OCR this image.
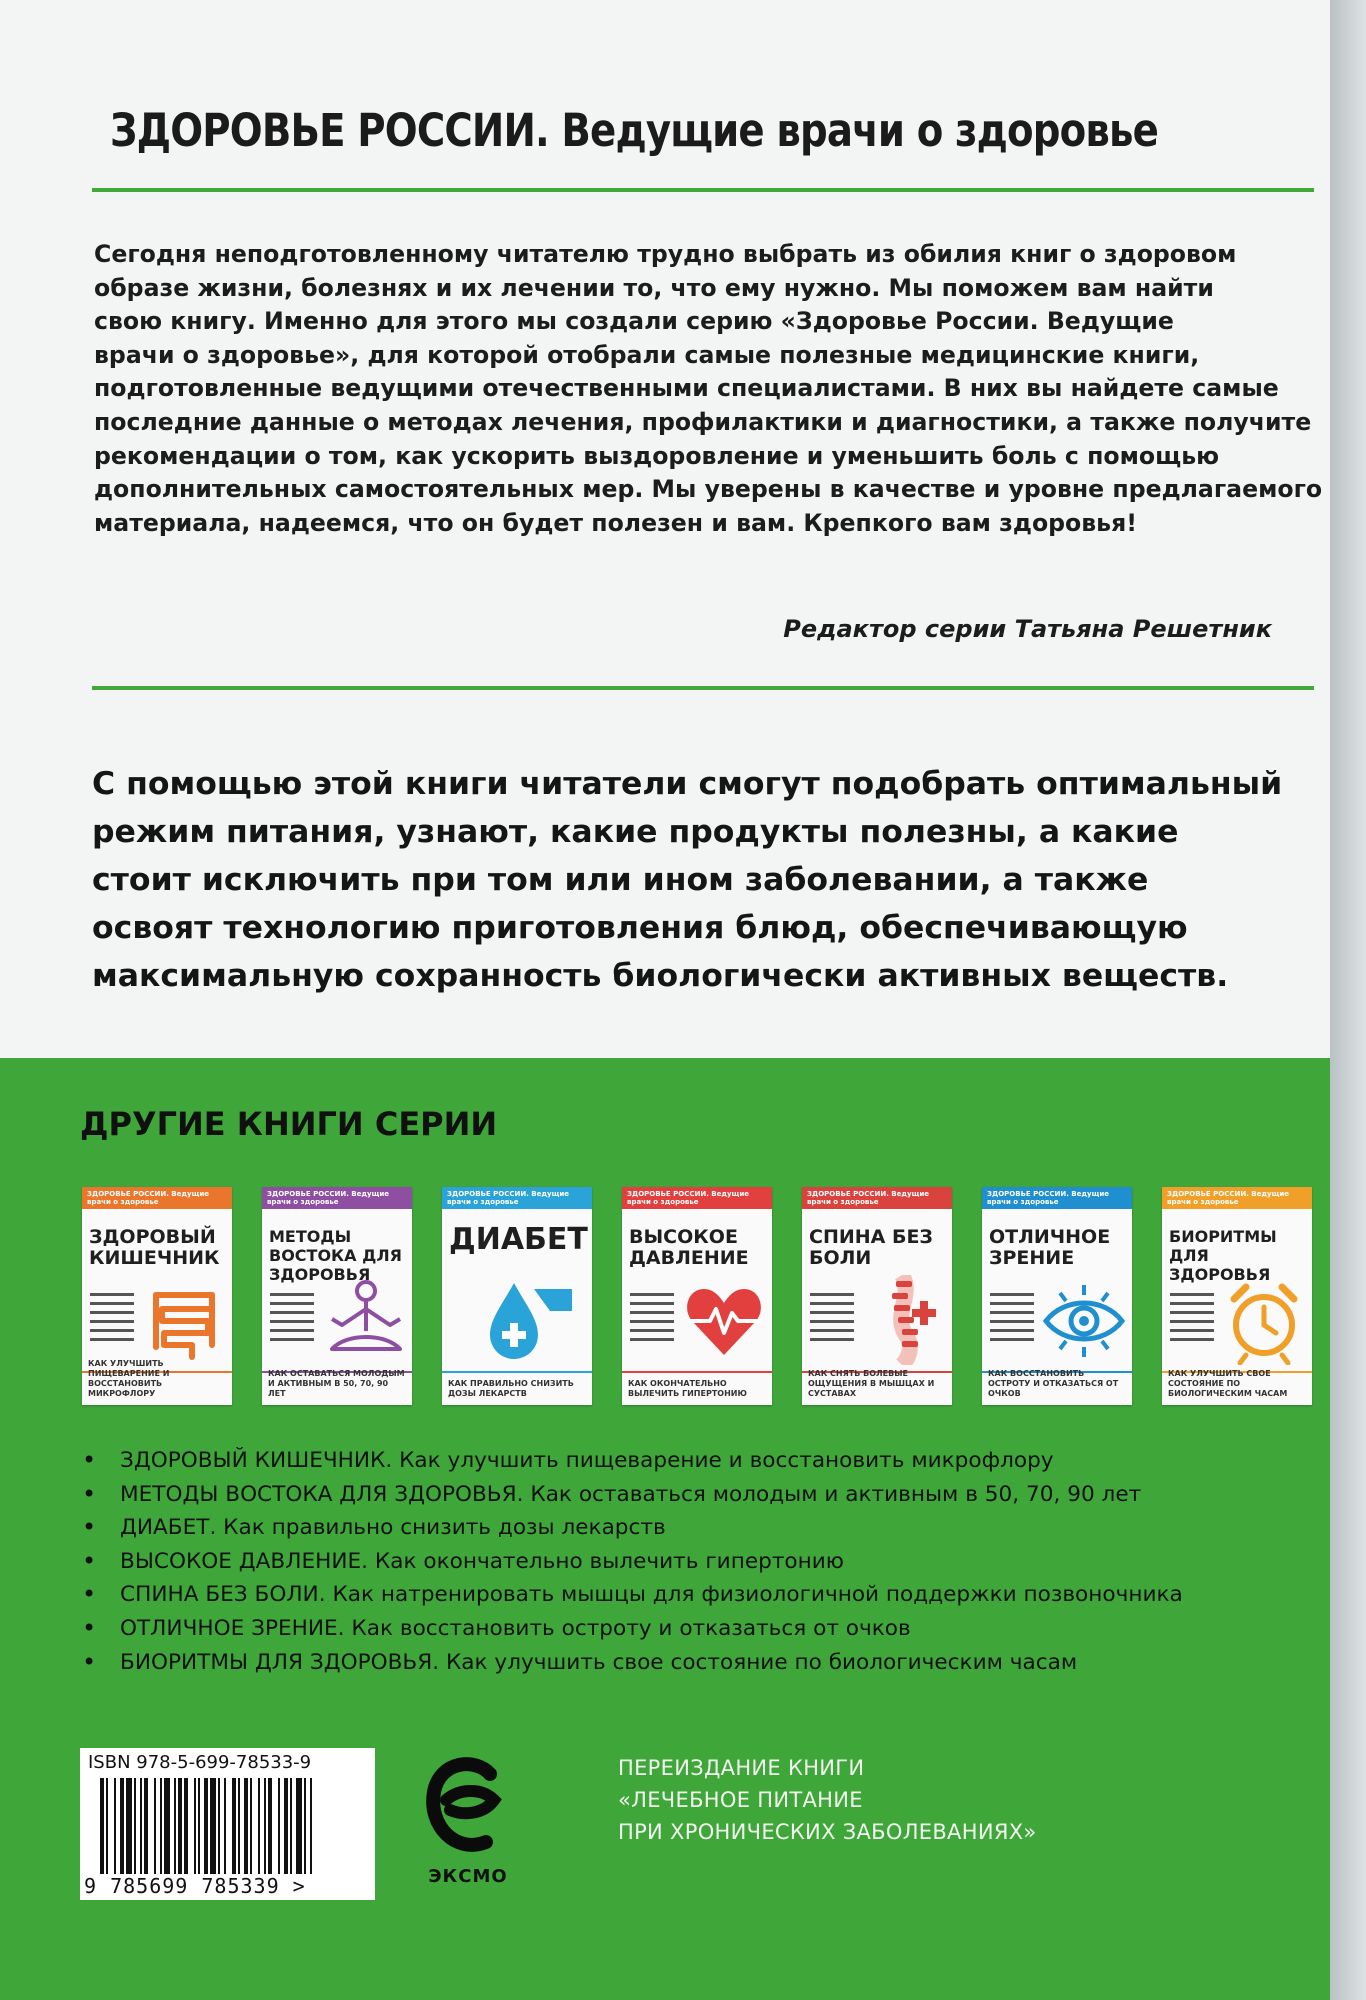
ЗДОРОВЬЕ РОССИИ. Ведущие врачи о здоровье

Сегодня неподготовленному читателю трудно выбрать из обилия книг о здоровом

образе жизни, болезнях и их лечении то, что ему нужно. Мы поможем вам найти

свою книгу. Именно для этого мы создали серию «Здоровье России. Ведущие

врачи о здоровье», для которой отобрали самые полезные медицинские книги,

подготовленные ведущими отечественными специалистами. В них вы найдете самые

последние данные о методах лечения, профилактики и диагностики, а также получите

рекомендации о том, как ускорить выздоровление и уменьшить боль с помощью

дополнительных самостоятельных мер. Мы уверены в качестве и уровне предлагаемого

материала, надеемся, что он будет полезен и вам. Крепкого вам здоровья!

Редактор серии Татьяна Решетник

С помощью этой книги читатели смогут подобрать оптимальный

режим питания, узнают, какие продукты полезны, а какие

стоит исключить при том или ином заболевании, а также

освоят технологию приготовления блюд, обеспечивающую

максимальную сохранность биологически активных веществ.

ДРУГИЕ КНИГИ СЕРИИ
ЗДОРОВЬЕ РОССИИ. Ведущие врачи о здоровье
ЗДОРОВЫЙ КИШЕЧНИК
КАК УЛУЧШИТЬ ПИЩЕВАРЕНИЕ И ВОССТАНОВИТЬ МИКРОФЛОРУ
ЗДОРОВЬЕ РОССИИ. Ведущие врачи о здоровье
МЕТОДЫ ВОСТОКА ДЛЯ ЗДОРОВЬЯ
КАК ОСТАВАТЬСЯ МОЛОДЫМ И АКТИВНЫМ В 50, 70, 90 ЛЕТ
ЗДОРОВЬЕ РОССИИ. Ведущие врачи о здоровье
ДИАБЕТ
КАК ПРАВИЛЬНО СНИЗИТЬ ДОЗЫ ЛЕКАРСТВ
ЗДОРОВЬЕ РОССИИ. Ведущие врачи о здоровье
ВЫСОКОЕ ДАВЛЕНИЕ
КАК ОКОНЧАТЕЛЬНО ВЫЛЕЧИТЬ ГИПЕРТОНИЮ
ЗДОРОВЬЕ РОССИИ. Ведущие врачи о здоровье
СПИНА БЕЗ БОЛИ
КАК СНЯТЬ БОЛЕВЫЕ ОЩУЩЕНИЯ В МЫШЦАХ И СУСТАВАХ
ЗДОРОВЬЕ РОССИИ. Ведущие врачи о здоровье
ОТЛИЧНОЕ ЗРЕНИЕ
КАК ВОССТАНОВИТЬ ОСТРОТУ И ОТКАЗАТЬСЯ ОТ ОЧКОВ
ЗДОРОВЬЕ РОССИИ. Ведущие врачи о здоровье
БИОРИТМЫ ДЛЯ ЗДОРОВЬЯ
КАК УЛУЧШИТЬ СВОЕ СОСТОЯНИЕ ПО БИОЛОГИЧЕСКИМ ЧАСАМ
• ЗДОРОВЫЙ КИШЕЧНИК. Как улучшить пищеварение и восстановить микрофлору
• МЕТОДЫ ВОСТОКА ДЛЯ ЗДОРОВЬЯ. Как оставаться молодым и активным в 50, 70, 90 лет
• ДИАБЕТ. Как правильно снизить дозы лекарств
• ВЫСОКОЕ ДАВЛЕНИЕ. Как окончательно вылечить гипертонию
• СПИНА БЕЗ БОЛИ. Как натренировать мышцы для физиологичной поддержки позвоночника
• ОТЛИЧНОЕ ЗРЕНИЕ. Как восстановить остроту и отказаться от очков
• БИОРИТМЫ ДЛЯ ЗДОРОВЬЯ. Как улучшить свое состояние по биологическим часам
ISBN 978-5-699-78533-9
9 785699 785339 >	ЭКСМО
ПЕРЕИЗДАНИЕ КНИГИ
«ЛЕЧЕБНОЕ ПИТАНИЕ
ПРИ ХРОНИЧЕСКИХ ЗАБОЛЕВАНИЯХ»
